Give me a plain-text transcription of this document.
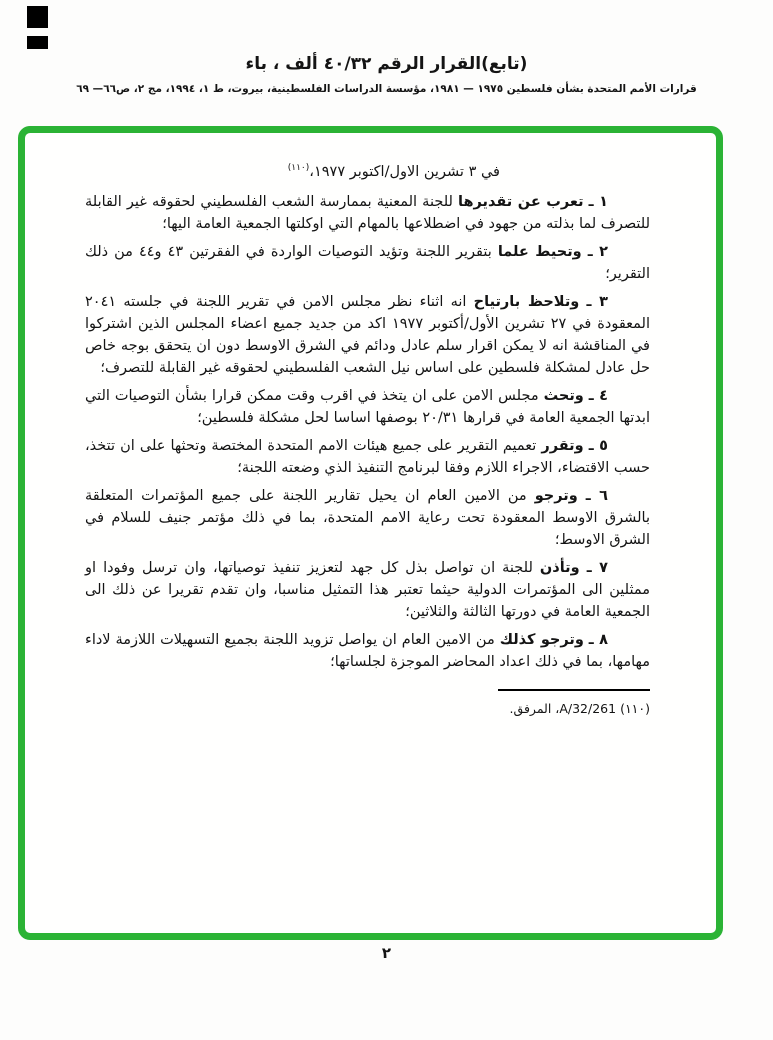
(تابع)القرار الرقم ٤٠/٣٢ ألف ، باء
قرارات الأمم المتحدة بشأن فلسطين ١٩٧٥ — ١٩٨١، مؤسسة الدراسات الفلسطينية، بيروت، ط ١، ١٩٩٤، مج ٢، ص٦٦— ٦٩

في ٣ تشرين الاول/اكتوبر ١٩٧٧،$^{(١١٠)}$

١ ـ تعرب عن تقديرها للجنة المعنية بممارسة الشعب الفلسطيني لحقوقه غير القابلة للتصرف لما بذلته من جهود في اضطلاعها بالمهام التي اوكلتها الجمعية العامة اليها؛

٢ ـ وتحيط علما بتقرير اللجنة وتؤيد التوصيات الواردة في الفقرتين ٤٣ و٤٤ من ذلك التقرير؛

٣ ـ وتلاحظ بارتياح انه اثناء نظر مجلس الامن في تقرير اللجنة في جلسته ٢٠٤١ المعقودة في ٢٧ تشرين الأول/أكتوبر ١٩٧٧ اكد من جديد جميع اعضاء المجلس الذين اشتركوا في المناقشة انه لا يمكن اقرار سلم عادل ودائم في الشرق الاوسط دون ان يتحقق بوجه خاص حل عادل لمشكلة فلسطين على اساس نيل الشعب الفلسطيني لحقوقه غير القابلة للتصرف؛

٤ ـ وتحث مجلس الامن على ان يتخذ في اقرب وقت ممكن قرارا بشأن التوصيات التي ابدتها الجمعية العامة في قرارها ٢٠/٣١ بوصفها اساسا لحل مشكلة فلسطين؛

٥ ـ وتقرر تعميم التقرير على جميع هيئات الامم المتحدة المختصة وتحثها على ان تتخذ، حسب الاقتضاء، الاجراء اللازم وفقا لبرنامج التنفيذ الذي وضعته اللجنة؛

٦ ـ وترجو من الامين العام ان يحيل تقارير اللجنة على جميع المؤتمرات المتعلقة بالشرق الاوسط المعقودة تحت رعاية الامم المتحدة، بما في ذلك مؤتمر جنيف للسلام في الشرق الاوسط؛

٧ ـ وتأذن للجنة ان تواصل بذل كل جهد لتعزيز تنفيذ توصياتها، وان ترسل وفودا او ممثلين الى المؤتمرات الدولية حيثما تعتبر هذا التمثيل مناسبا، وان تقدم تقريرا عن ذلك الى الجمعية العامة في دورتها الثالثة والثلاثين؛

٨ ـ وترجو كذلك من الامين العام ان يواصل تزويد اللجنة بجميع التسهيلات اللازمة لاداء مهامها، بما في ذلك اعداد المحاضر الموجزة لجلساتها؛

(١١٠) A/32/261، المرفق.

٢
